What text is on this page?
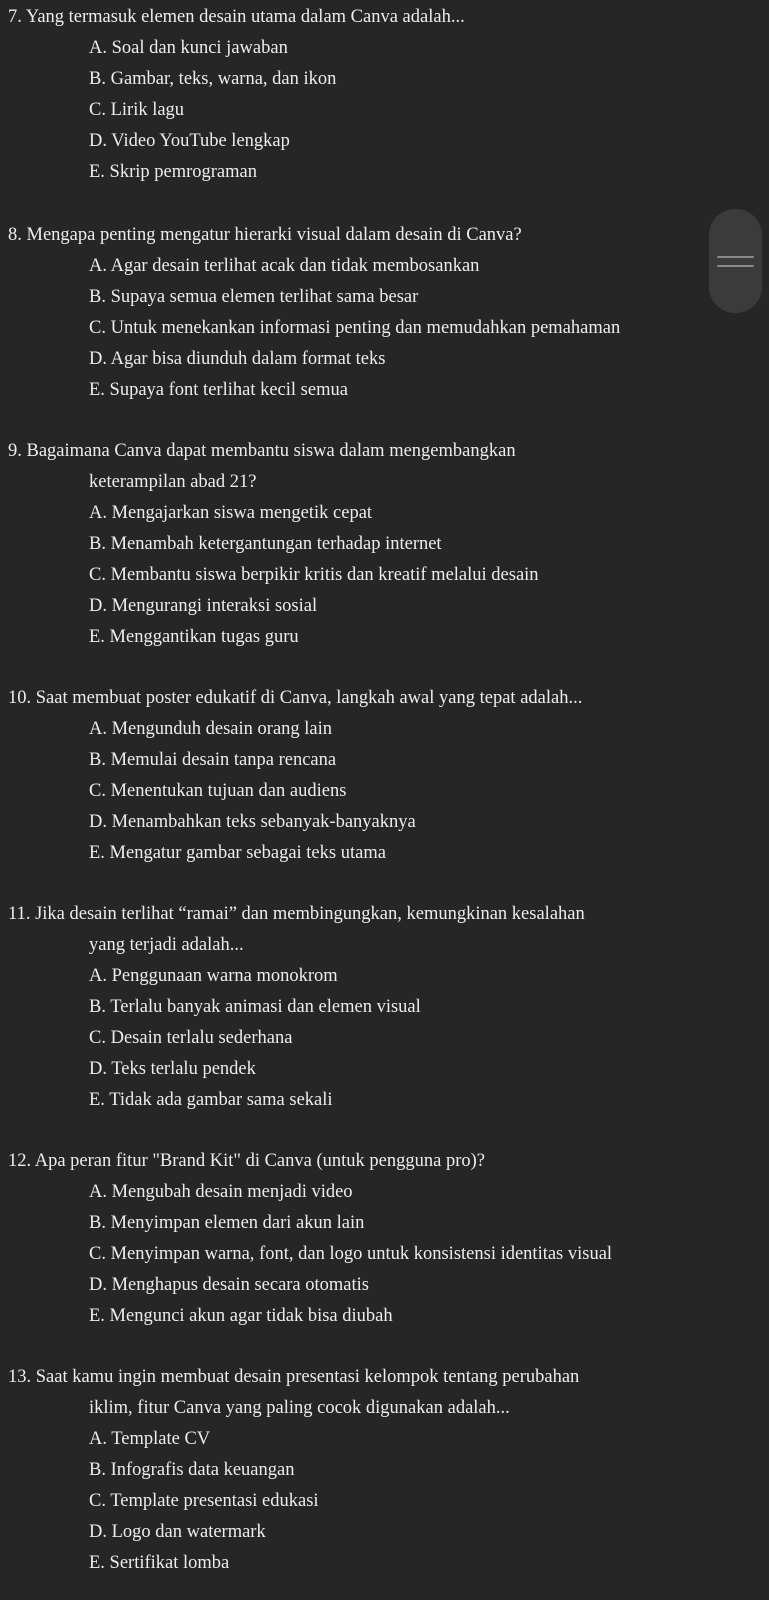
7. Yang termasuk elemen desain utama dalam Canva adalah...
A. Soal dan kunci jawaban
B. Gambar, teks, warna, dan ikon
C. Lirik lagu
D. Video YouTube lengkap
E. Skrip pemrograman
8. Mengapa penting mengatur hierarki visual dalam desain di Canva?
A. Agar desain terlihat acak dan tidak membosankan
B. Supaya semua elemen terlihat sama besar
C. Untuk menekankan informasi penting dan memudahkan pemahaman
D. Agar bisa diunduh dalam format teks
E. Supaya font terlihat kecil semua
9. Bagaimana Canva dapat membantu siswa dalam mengembangkan
keterampilan abad 21?
A. Mengajarkan siswa mengetik cepat
B. Menambah ketergantungan terhadap internet
C. Membantu siswa berpikir kritis dan kreatif melalui desain
D. Mengurangi interaksi sosial
E. Menggantikan tugas guru
10. Saat membuat poster edukatif di Canva, langkah awal yang tepat adalah...
A. Mengunduh desain orang lain
B. Memulai desain tanpa rencana
C. Menentukan tujuan dan audiens
D. Menambahkan teks sebanyak-banyaknya
E. Mengatur gambar sebagai teks utama
11. Jika desain terlihat “ramai” dan membingungkan, kemungkinan kesalahan
yang terjadi adalah...
A. Penggunaan warna monokrom
B. Terlalu banyak animasi dan elemen visual
C. Desain terlalu sederhana
D. Teks terlalu pendek
E. Tidak ada gambar sama sekali
12. Apa peran fitur "Brand Kit" di Canva (untuk pengguna pro)?
A. Mengubah desain menjadi video
B. Menyimpan elemen dari akun lain
C. Menyimpan warna, font, dan logo untuk konsistensi identitas visual
D. Menghapus desain secara otomatis
E. Mengunci akun agar tidak bisa diubah
13. Saat kamu ingin membuat desain presentasi kelompok tentang perubahan
iklim, fitur Canva yang paling cocok digunakan adalah...
A. Template CV
B. Infografis data keuangan
C. Template presentasi edukasi
D. Logo dan watermark
E. Sertifikat lomba
